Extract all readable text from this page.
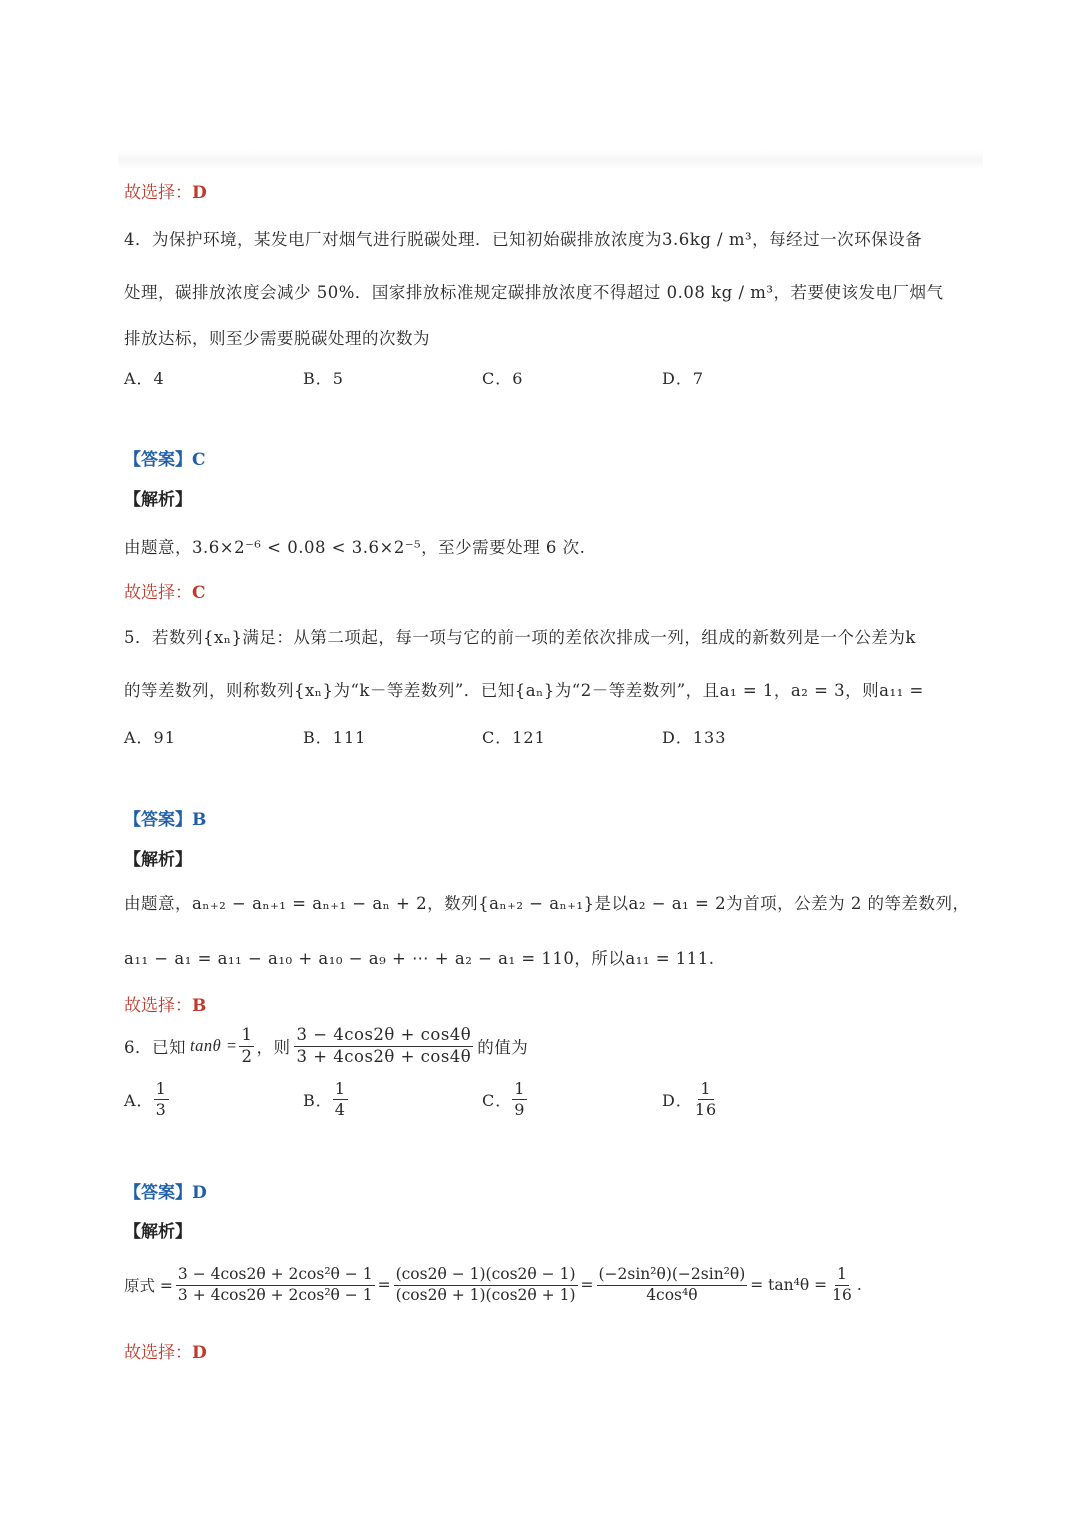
故选择：D
4．为保护环境，某发电厂对烟气进行脱碳处理．已知初始碳排放浓度为3.6kg / m³，每经过一次环保设备
处理，碳排放浓度会减少 50%．国家排放标准规定碳排放浓度不得超过 0.08 kg / m³，若要使该发电厂烟气
排放达标，则至少需要脱碳处理的次数为
A．4	B．5	C．6	D．7
【答案】C
【解析】
由题意，3.6×2⁻⁶ < 0.08 < 3.6×2⁻⁵，至少需要处理 6 次.
故选择：C
5．若数列{xₙ}满足：从第二项起，每一项与它的前一项的差依次排成一列，组成的新数列是一个公差为k
的等差数列，则称数列{xₙ}为“k－等差数列”．已知{aₙ}为“2－等差数列”，且a₁ = 1，a₂ = 3，则a₁₁ =
A．91	B．111	C．121	D．133
【答案】B
【解析】
由题意，aₙ₊₂ − aₙ₊₁ = aₙ₊₁ − aₙ + 2，数列{aₙ₊₂ − aₙ₊₁}是以a₂ − a₁ = 2为首项，公差为 2 的等差数列，
a₁₁ − a₁ = a₁₁ − a₁₀ + a₁₀ − a₉ + ⋯ + a₂ − a₁ = 110，所以a₁₁ = 111.
故选择：B
6．已知 $\tan\theta = \frac{1}{2}$ ，则 $\frac{3 - 4\cos 2\theta + \cos 4\theta}{3 + 4\cos 2\theta + \cos 4\theta}$ 的值为
A． $\frac{1}{3}$	B． $\frac{1}{4}$	C． $\frac{1}{9}$	D． $\frac{1}{16}$
【答案】D
【解析】
原式 = $\frac{\text{3 − 4cos2θ + 2cos²θ − 1}}{\text{3 + 4cos2θ + 2cos²θ − 1}} = \frac{(\cos 2\theta - 1)(\cos 2\theta - 1)}{(\cos 2\theta + 1)(\cos 2\theta + 1)} = \frac{\text{(−2sin²θ)(−2sin²θ)}}{\text{4cos⁴θ}} = \tan^4\theta = \frac{1}{16}$ .
故选择：D
